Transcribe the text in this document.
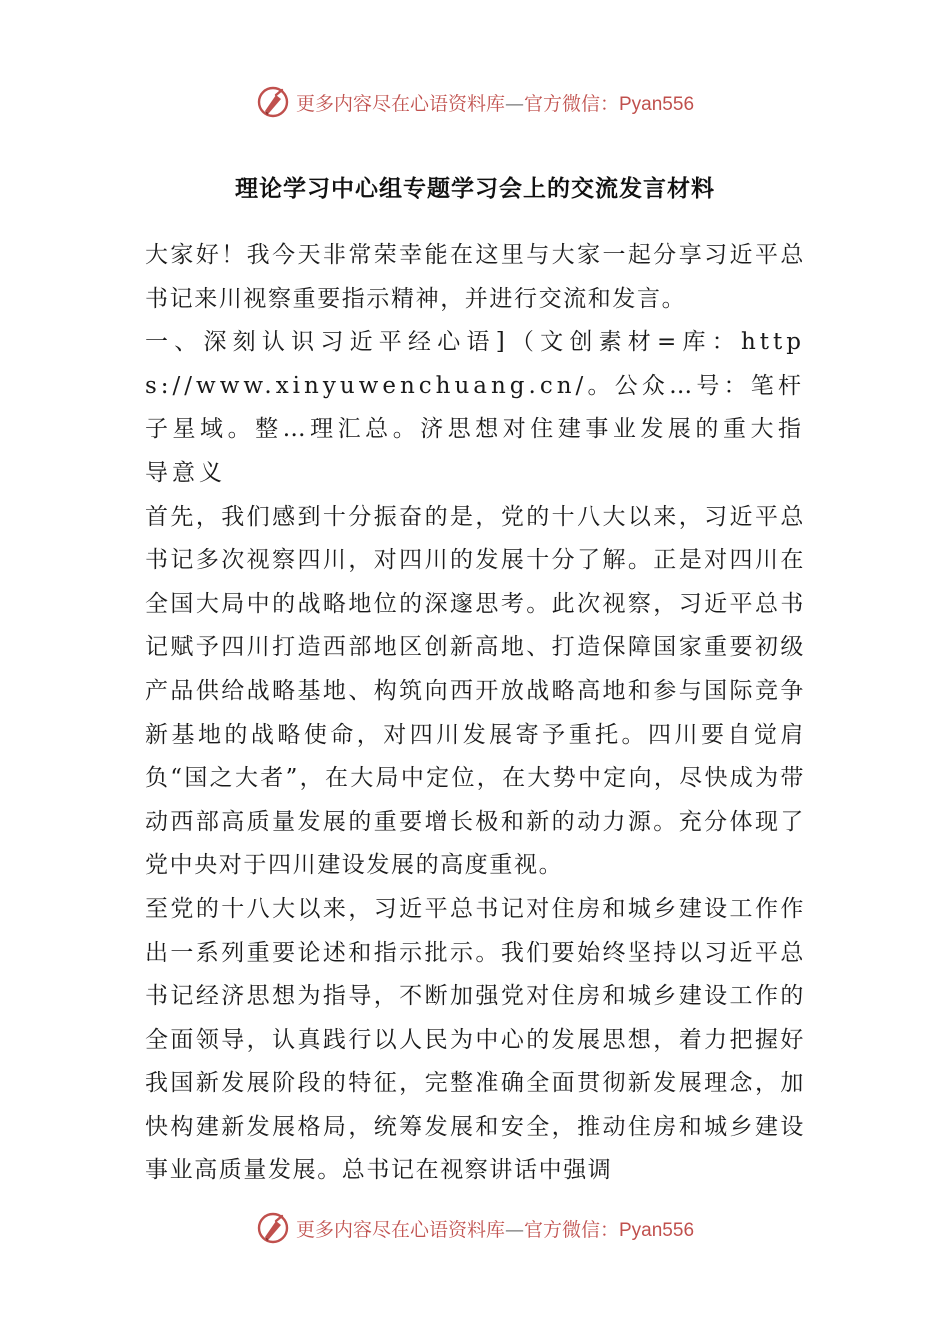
更多内容尽在心语资料库—官方微信：Pyan556
理论学习中心组专题学习会上的交流发言材料

大家好！我今天非常荣幸能在这里与大家一起分享习近平总书记来川视察重要指示精神，并进行交流和发言。

一、深刻认识习近平经心语]（文创素材=库：https://www.xinyuwenchuang.cn/。公众…号：笔杆子星域。整…理汇总。济思想对住建事业发展的重大指导意义

首先，我们感到十分振奋的是，党的十八大以来，习近平总书记多次视察四川，对四川的发展十分了解。正是对四川在全国大局中的战略地位的深邃思考。此次视察，习近平总书记赋予四川打造西部地区创新高地、打造保障国家重要初级产品供给战略基地、构筑向西开放战略高地和参与国际竞争新基地的战略使命，对四川发展寄予重托。四川要自觉肩负“国之大者”，在大局中定位，在大势中定向，尽快成为带动西部高质量发展的重要增长极和新的动力源。充分体现了党中央对于四川建设发展的高度重视。

至党的十八大以来，习近平总书记对住房和城乡建设工作作出一系列重要论述和指示批示。我们要始终坚持以习近平总书记经济思想为指导，不断加强党对住房和城乡建设工作的全面领导，认真践行以人民为中心的发展思想，着力把握好我国新发展阶段的特征，完整准确全面贯彻新发展理念，加快构建新发展格局，统筹发展和安全，推动住房和城乡建设事业高质量发展。总书记在视察讲话中强调

更多内容尽在心语资料库—官方微信：Pyan556
